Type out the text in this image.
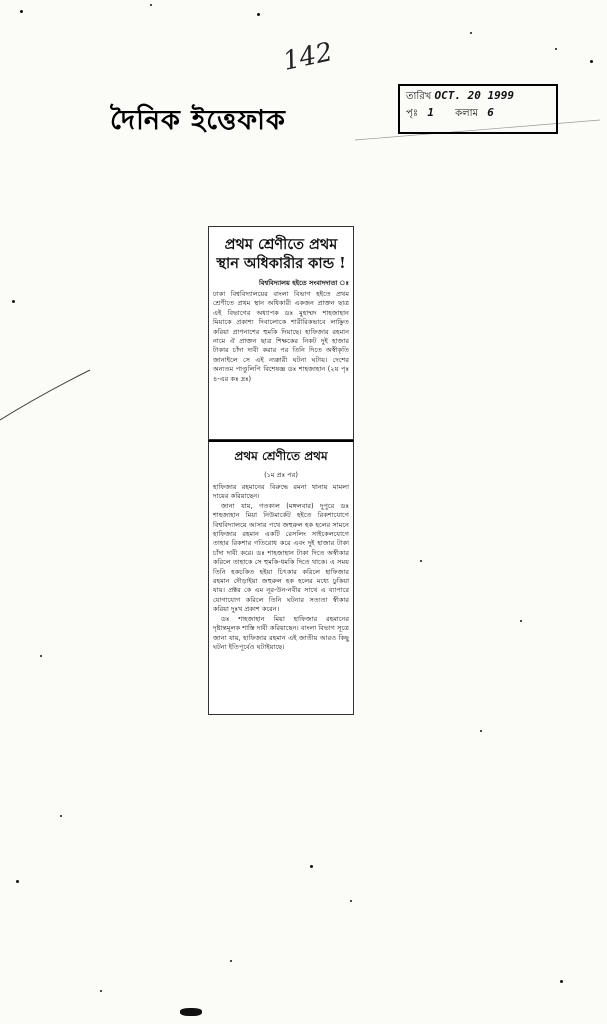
142
দৈনিক ইত্তেফাক
তারিখ OCT. 20 1999
পৃঃ 1 কলাম 6
প্রথম শ্রেণীতে প্রথম স্থান অধিকারীর কান্ড !
বিশ্ববিদ্যালয় হইতে সংবাদদাতা ঃ

ঢাকা বিশ্ববিদ্যালয়ের বাংলা বিভাগ হইতে প্রথম শ্রেণীতে প্রথম স্থান অধিকারী একজন প্রাক্তন ছাত্র এই বিভাগের অধ্যাপক ডঃ মুহাম্মদ শাহজাহান মিয়াকে প্রকাশ্য দিবালোকে শারীরিকভাবে লাঞ্ছিত করিয়া প্রাণনাশের হুমকি দিয়াছে। হাফিজার রহমান নামে ঐ প্রাক্তন ছাত্র শিক্ষকের নিকট দুই হাজার টাকার চাঁদা দাবী করার পর তিনি দিতে অস্বীকৃতি জানাইলে সে এই ন্যক্কারী ঘটনা ঘটায়। দেশের অন্যতম পাণ্ডুলিপি বিশেষজ্ঞ ডঃ শাহজাহান (২য় পৃঃ ৪-এর কঃ দ্রঃ)

প্রথম শ্রেণীতে প্রথম
(১ম প্রঃ পর)

হাফিজার রহমানের বিরুদ্ধে রমনা থানায় মামলা দায়ের করিয়াছেন।

জানা যায়, গতকাল (মঙ্গলবার) দুপুরে ডঃ শাহজাহান মিয়া নিউমার্কেট হইতে রিকশাযোগে বিশ্ববিদ্যালয়ে আসার পথে জহুরুল হক হলের সামনে হাফিজার রহমান একটি রেসলিং সাইকেলযোগে তাহার রিকশার গতিরোধ করে এবং দুই হাজার টাকা চাঁদা দাবী করে। ডঃ শাহজাহান টাকা দিতে অস্বীকার করিলে তাহাকে সে হুমকি-ধমকি দিতে থাকে। এ সময় তিনি হকচকিত হইয়া চিৎকার করিলে হাফিজার রহমান দৌড়াইয়া জহুরুল হক হলের মধ্যে ঢুকিয়া যায়। প্রক্টর কে এম নূর-উন-নবীর সাথে এ ব্যাপারে যোগাযোগ করিলে তিনি ঘটনার সত্যতা স্বীকার করিয়া দুঃখ প্রকাশ করেন।

ডঃ শাহজাহান মিয়া হাফিজার রহমানের দৃষ্টান্তমূলক শাস্তি দাবী করিয়াছেন। বাংলা বিভাগ সূত্রে জানা যায়, হাফিজার রহমান এই জাতীয় আরও কিছু ঘটনা ইতিপূর্বেও ঘটাইয়াছে।
